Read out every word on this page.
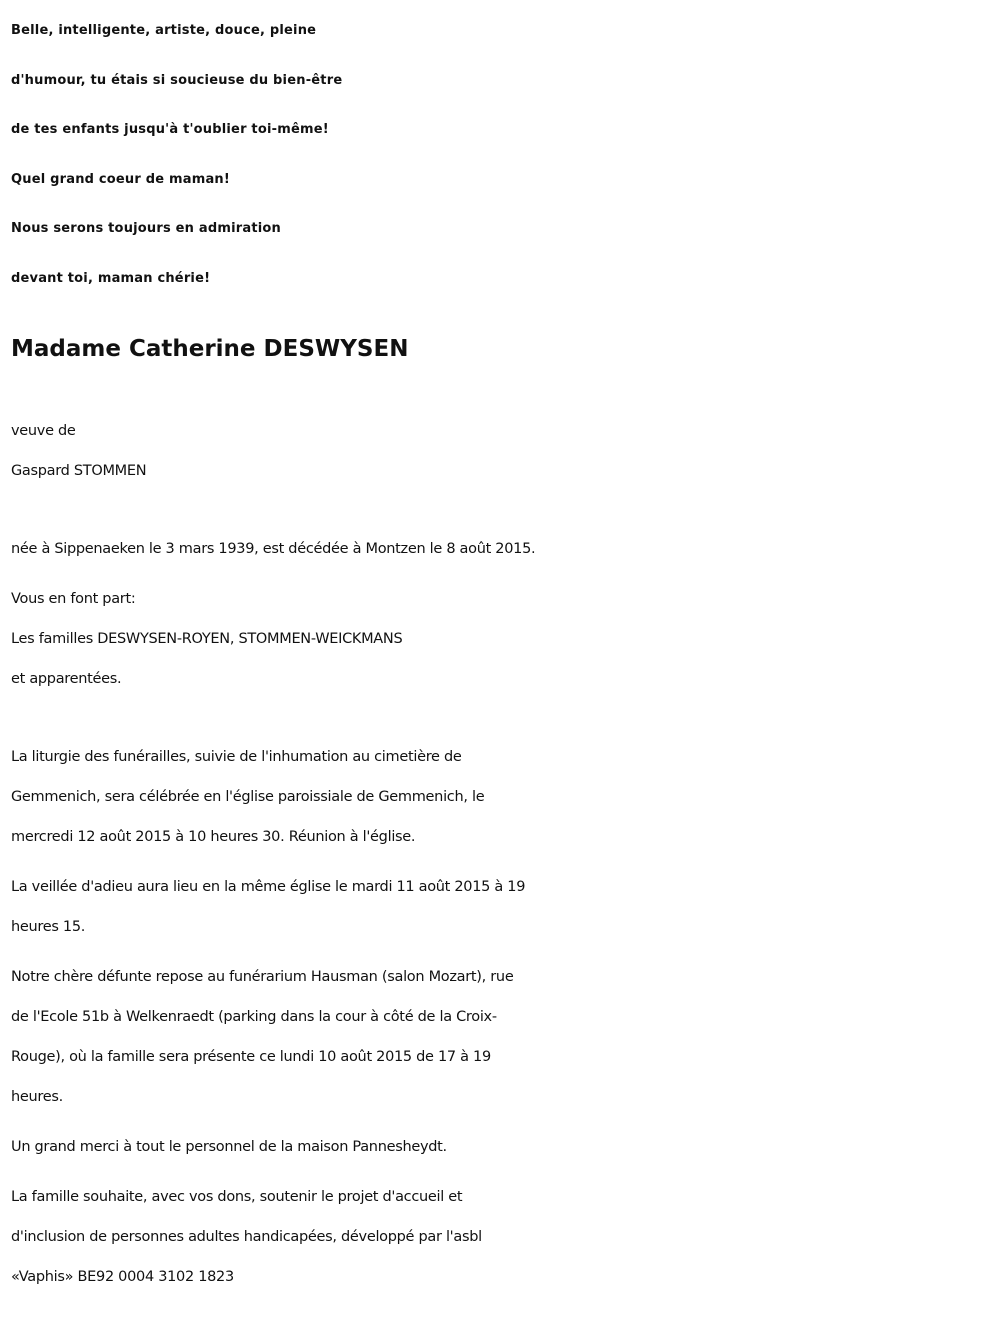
Belle, intelligente, artiste, douce, pleine
d'humour, tu étais si soucieuse du bien-être
de tes enfants jusqu'à t'oublier toi-même!
Quel grand coeur de maman!
Nous serons toujours en admiration
devant toi, maman chérie!
Madame Catherine DESWYSEN
veuve de
Gaspard STOMMEN
née à Sippenaeken le 3 mars 1939, est décédée à Montzen le 8 août 2015.
Vous en font part:
Les familles DESWYSEN-ROYEN, STOMMEN-WEICKMANS
et apparentées.
La liturgie des funérailles, suivie de l'inhumation au cimetière de
Gemmenich, sera célébrée en l'église paroissiale de Gemmenich, le
mercredi 12 août 2015 à 10 heures 30. Réunion à l'église.
La veillée d'adieu aura lieu en la même église le mardi 11 août 2015 à 19
heures 15.
Notre chère défunte repose au funérarium Hausman (salon Mozart), rue
de l'Ecole 51b à Welkenraedt (parking dans la cour à côté de la Croix-
Rouge), où la famille sera présente ce lundi 10 août 2015 de 17 à 19
heures.
Un grand merci à tout le personnel de la maison Pannesheydt.
La famille souhaite, avec vos dons, soutenir le projet d'accueil et
d'inclusion de personnes adultes handicapées, développé par l'asbl
«Vaphis» BE92 0004 3102 1823
